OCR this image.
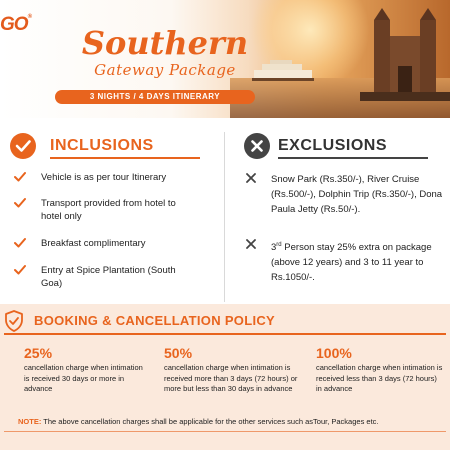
GO®
Southern
Gateway Package
3 NIGHTS / 4 DAYS ITINERARY
INCLUSIONS	EXCLUSIONS
Vehicle is as per tour Itinerary
Transport provided from hotel to hotel only
Breakfast complimentary
Entry at Spice Plantation (South Goa)
Snow Park (Rs.350/-), River Cruise (Rs.500/-), Dolphin Trip (Rs.350/-), Dona Paula Jetty (Rs.50/-).
3rd Person stay 25% extra on package (above 12 years) and 3 to 11 year to Rs.1050/-.
BOOKING & CANCELLATION POLICY
25%
cancellation charge when intimation is received 30 days or more in advance
50%
cancellation charge when intimation is received more than 3 days (72 hours) or more but less than 30 days in advance
100%
cancellation charge when intimation is received less than 3 days (72 hours) in advance
NOTE: The above cancellation charges shall be applicable for the other services such asTour, Packages etc.
